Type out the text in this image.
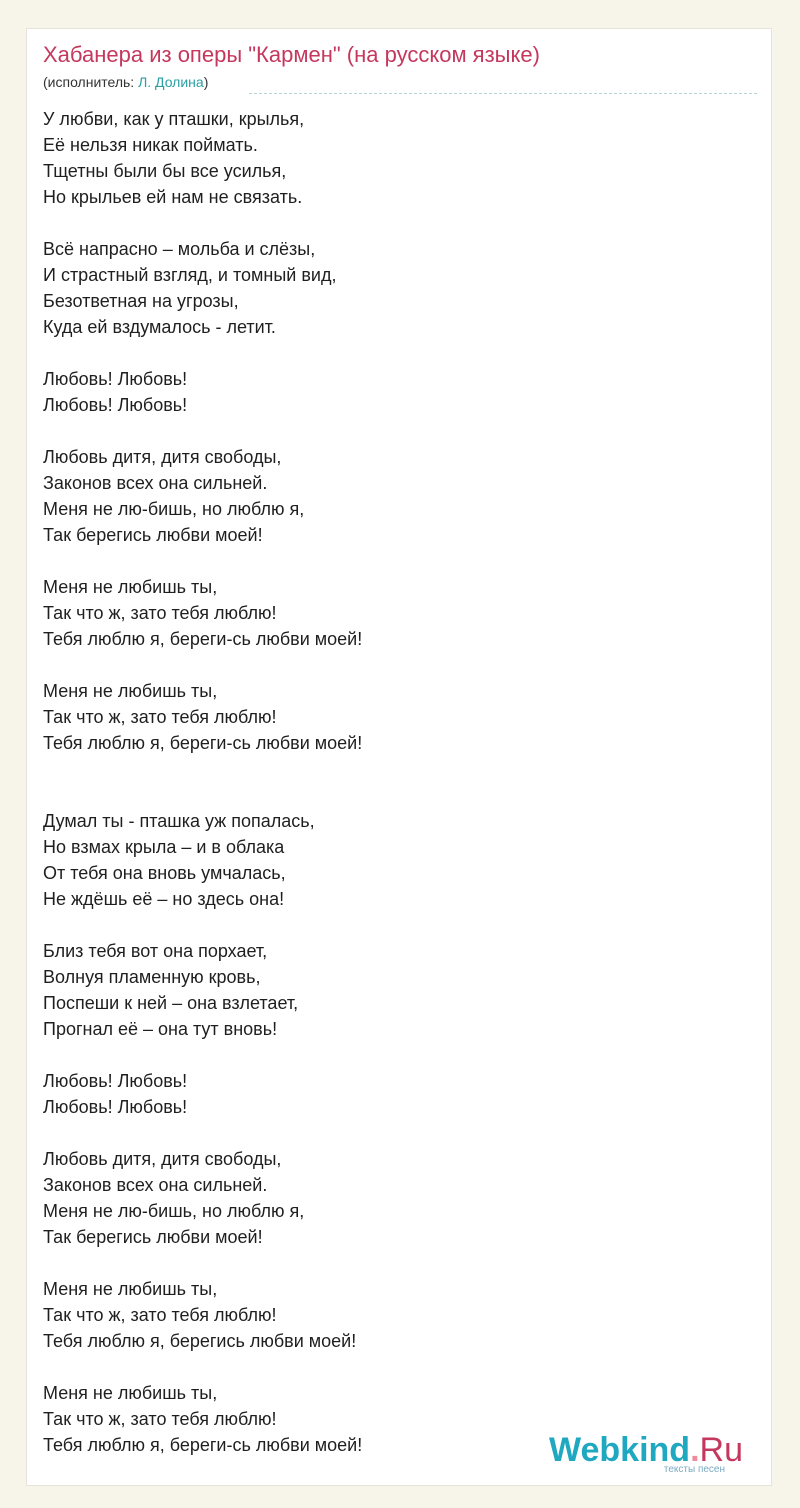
Хабанера из оперы "Кармен" (на русском языке)
(исполнитель: Л. Долина)
У любви, как у пташки, крылья,
Её нельзя никак поймать.
Тщетны были бы все усилья,
Но крыльев ей нам не связать.
Всё напрасно – мольба и слёзы,
И страстный взгляд, и томный вид,
Безответная на угрозы,
Куда ей вздумалось - летит.
Любовь! Любовь!
Любовь! Любовь!
Любовь дитя, дитя свободы,
Законов всех она сильней.
Меня не лю-бишь, но люблю я,
Так берегись любви моей!
Меня не любишь ты,
Так что ж, зато тебя люблю!
Тебя люблю я, береги-сь любви моей!
Меня не любишь ты,
Так что ж, зато тебя люблю!
Тебя люблю я, береги-сь любви моей!
Думал ты - пташка уж попалась,
Но взмах крыла – и в облака
От тебя она вновь умчалась,
Не ждёшь её – но здесь она!
Близ тебя вот она порхает,
Волнуя пламенную кровь,
Поспеши к ней – она взлетает,
Прогнал её – она тут вновь!
Любовь! Любовь!
Любовь! Любовь!
Любовь дитя, дитя свободы,
Законов всех она сильней.
Меня не лю-бишь, но люблю я,
Так берегись любви моей!
Меня не любишь ты,
Так что ж, зато тебя люблю!
Тебя люблю я, берегись любви моей!
Меня не любишь ты,
Так что ж, зато тебя люблю!
Тебя люблю я, береги-сь любви моей!	Webkind.Ru
тексты песен
